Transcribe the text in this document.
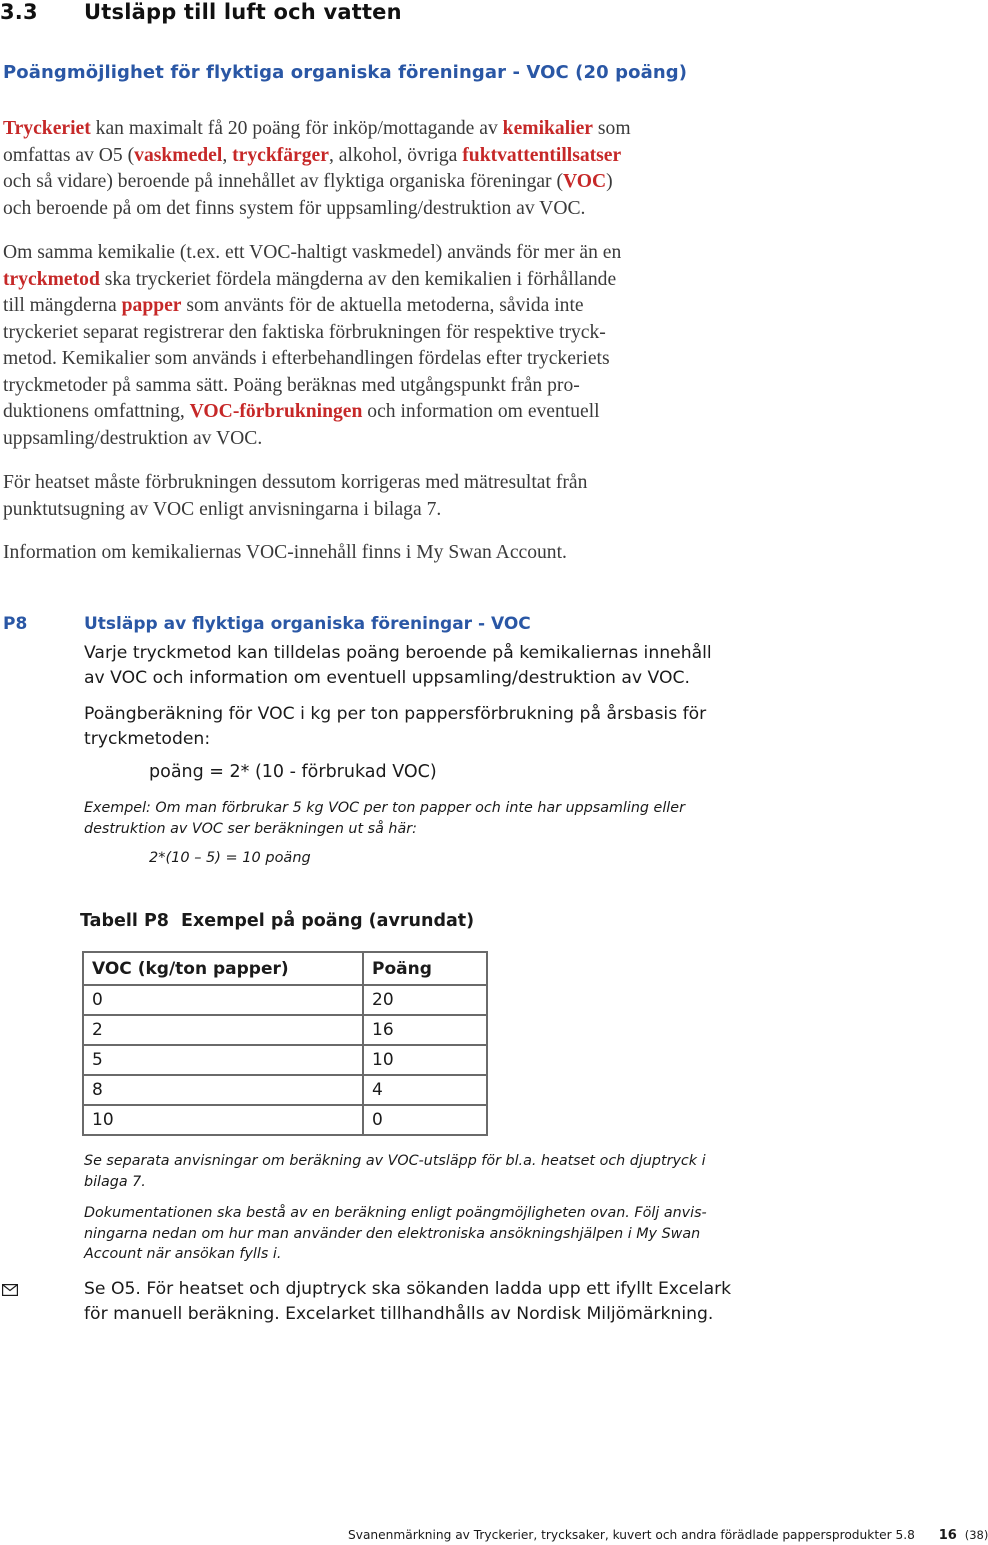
3.3 Utsläpp till luft och vatten
Poängmöjlighet för flyktiga organiska föreningar - VOC (20 poäng)
Tryckeriet kan maximalt få 20 poäng för inköp/mottagande av kemikalier som
omfattas av O5 (vaskmedel, tryckfärger, alkohol, övriga fuktvattentillsatser
och så vidare) beroende på innehållet av flyktiga organiska föreningar (VOC)
och beroende på om det finns system för uppsamling/destruktion av VOC.
Om samma kemikalie (t.ex. ett VOC-haltigt vaskmedel) används för mer än en
tryckmetod ska tryckeriet fördela mängderna av den kemikalien i förhållande
till mängderna papper som använts för de aktuella metoderna, såvida inte
tryckeriet separat registrerar den faktiska förbrukningen för respektive tryck-
metod. Kemikalier som används i efterbehandlingen fördelas efter tryckeriets
tryckmetoder på samma sätt. Poäng beräknas med utgångspunkt från pro-
duktionens omfattning, VOC-förbrukningen och information om eventuell
uppsamling/destruktion av VOC.
För heatset måste förbrukningen dessutom korrigeras med mätresultat från
punktutsugning av VOC enligt anvisningarna i bilaga 7.
Information om kemikaliernas VOC-innehåll finns i My Swan Account.
P8	Utsläpp av flyktiga organiska föreningar - VOC
Varje tryckmetod kan tilldelas poäng beroende på kemikaliernas innehåll
av VOC och information om eventuell uppsamling/destruktion av VOC.
Poängberäkning för VOC i kg per ton pappersförbrukning på årsbasis för
tryckmetoden:
poäng = 2* (10 - förbrukad VOC)
Exempel: Om man förbrukar 5 kg VOC per ton papper och inte har uppsamling eller
destruktion av VOC ser beräkningen ut så här:
2*(10 – 5) = 10 poäng
Tabell P8 Exempel på poäng (avrundat)
VOC (kg/ton papper)	Poäng
0	20
2	16
5	10
8	4
10	0
Se separata anvisningar om beräkning av VOC-utsläpp för bl.a. heatset och djuptryck i
bilaga 7.
Dokumentationen ska bestå av en beräkning enligt poängmöjligheten ovan. Följ anvis-
ningarna nedan om hur man använder den elektroniska ansökningshjälpen i My Swan
Account när ansökan fylls i.
Se O5. För heatset och djuptryck ska sökanden ladda upp ett ifyllt Excelark
för manuell beräkning. Excelarket tillhandhålls av Nordisk Miljömärkning.
Svanenmärkning av Tryckerier, trycksaker, kuvert och andra förädlade pappersprodukter 5.8 16 (38)
